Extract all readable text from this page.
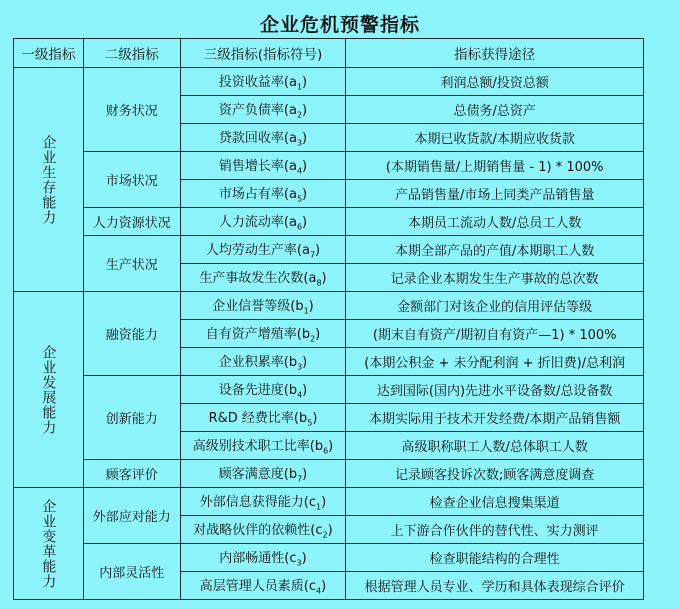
企业危机预警指标
一级指标	二级指标	三级指标(指标符号)	指标获得途径

企业生存能力	财务状况	投资收益率 ( $a_1$ )	利润总额/投资总额
		资产负债率 ( $a_2$ )	总债务/总资产
		贷款回收率 ( $a_3$ )	本期已收货款/本期应收货款
	市场状况	销售增长率 ( $a_4$ )	(本期销售量/上期销售量 - 1) * 100%
		市场占有率 ( $a_5$ )	产品销售量/市场上同类产品销售量
	人力资源状况	人力流动率 ( $a_6$ )	本期员工流动人数/总员工人数
	生产状况	人均劳动生产率 ( $a_7$ )	本期全部产品的产值/本期职工人数
		生产事故发生次数 ( $a_8$ )	记录企业本期发生生产事故的总次数

企业发展能力	融资能力	企业信誉等级 ( $b_1$ )	金额部门对该企业的信用评估等级
		自有资产增殖率 ( $b_2$ )	(期末自有资产/期初自有资产—1) * 100%
		企业积累率 ( $b_3$ )	(本期公积金 + 未分配利润 + 折旧费)/总利润
	创新能力	设备先进度 ( $b_4$ )	达到国际(国内)先进水平设备数/总设备数
		R&D 经费比率 ( $b_5$ )	本期实际用于技术开发经费/本期产品销售额
		高级别技术职工比率 ( $b_6$ )	高级职称职工人数/总体职工人数
	顾客评价	顾客满意度 ( $b_7$ )	记录顾客投诉次数;顾客满意度调查

企业变革能力	外部应对能力	外部信息获得能力 ( $c_1$ )	检查企业信息搜集渠道
		对战略伙伴的依赖性 ( $c_2$ )	上下游合作伙伴的替代性、实力测评
	内部灵活性	内部畅通性 ( $c_3$ )	检查职能结构的合理性
		高层管理人员素质 ( $c_4$ )	根据管理人员专业、学历和具体表现综合评价
